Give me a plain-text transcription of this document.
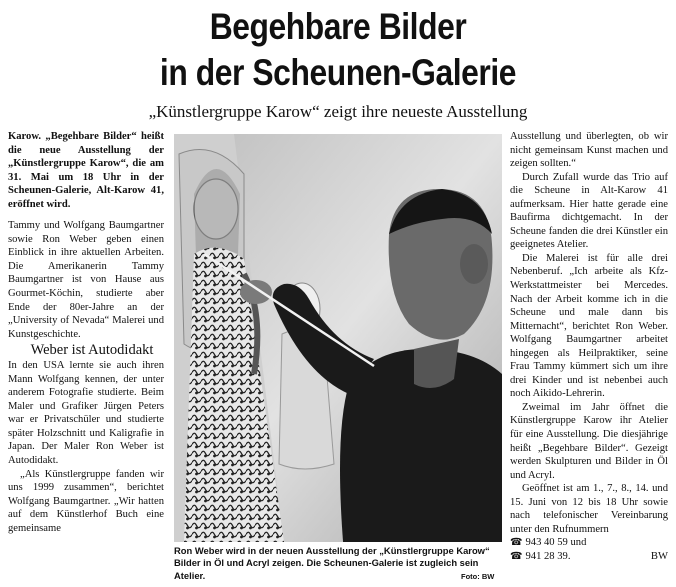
Begehbare Bilder
in der Scheunen-Galerie
„Künstlergruppe Karow“ zeigt ihre neueste Ausstellung

Karow. „Begehbare Bilder“ heißt die neue Ausstellung der „Künstlergruppe Karow“, die am 31. Mai um 18 Uhr in der Scheunen-Galerie, Alt-Karow 41, eröffnet wird.

Tammy und Wolfgang Baumgartner sowie Ron Weber geben einen Einblick in ihre aktuellen Arbeiten. Die Amerikanerin Tammy Baumgartner ist von Hause aus Gourmet-Köchin, studierte aber Ende der 80er-Jahre an der „University of Nevada“ Malerei und Kunstgeschichte.

Weber ist Autodidakt

In den USA lernte sie auch ihren Mann Wolfgang kennen, der unter anderem Fotografie studierte. Beim Maler und Grafiker Jürgen Peters war er Privatschüler und studierte später Holzschnitt und Kaligrafie in Japan. Der Maler Ron Weber ist Autodidakt.

„Als Künstlergruppe fanden wir uns 1999 zusammen“, berichtet Wolfgang Baumgartner. „Wir hatten auf dem Künstlerhof Buch eine gemeinsame

Ron Weber wird in der neuen Ausstellung der „Künstlergruppe Karow“ Bilder in Öl und Acryl zeigen. Die Scheunen-Galerie ist zugleich sein Atelier.	Foto: BW

Ausstellung und überlegten, ob wir nicht gemeinsam Kunst machen und zeigen sollten.“

Durch Zufall wurde das Trio auf die Scheune in Alt-Karow 41 aufmerksam. Hier hatte gerade eine Baufirma dichtgemacht. In der Scheune fanden die drei Künstler ein geeignetes Atelier.

Die Malerei ist für alle drei Nebenberuf. „Ich arbeite als Kfz-Werkstattmeister bei Mercedes. Nach der Arbeit komme ich in die Scheune und male dann bis Mitternacht“, berichtet Ron Weber. Wolfgang Baumgartner arbeitet hingegen als Heilpraktiker, seine Frau Tammy kümmert sich um ihre drei Kinder und ist nebenbei auch noch Aikido-Lehrerin.

Zweimal im Jahr öffnet die Künstlergruppe Karow ihr Atelier für eine Ausstellung. Die diesjährige heißt „Begehbare Bilder“. Gezeigt werden Skulpturen und Bilder in Öl und Acryl.

Geöffnet ist am 1., 7., 8., 14. und 15. Juni von 12 bis 18 Uhr sowie nach telefonischer Vereinbarung unter den Rufnummern

☎ 943 40 59 und

☎ 941 28 39.	BW
